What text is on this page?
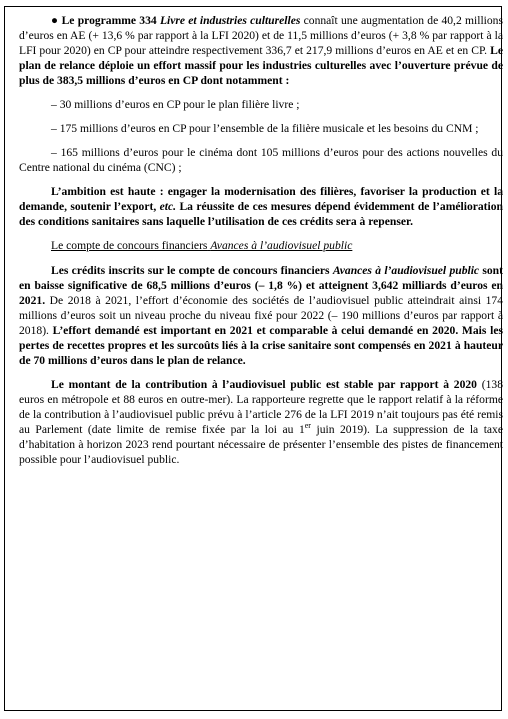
● Le programme 334 Livre et industries culturelles connaît une augmentation de 40,2 millions d’euros en AE (+ 13,6 % par rapport à la LFI 2020) et de 11,5 millions d’euros (+ 3,8 % par rapport à la LFI pour 2020) en CP pour atteindre respectivement 336,7 et 217,9 millions d’euros en AE et en CP. Le plan de relance déploie un effort massif pour les industries culturelles avec l’ouverture prévue de plus de 383,5 millions d’euros en CP dont notamment :

– 30 millions d’euros en CP pour le plan filière livre ;

– 175 millions d’euros en CP pour l’ensemble de la filière musicale et les besoins du CNM ;

– 165 millions d’euros pour le cinéma dont 105 millions d’euros pour des actions nouvelles du Centre national du cinéma (CNC) ;

L’ambition est haute : engager la modernisation des filières, favoriser la production et la demande, soutenir l’export, etc. La réussite de ces mesures dépend évidemment de l’amélioration des conditions sanitaires sans laquelle l’utilisation de ces crédits sera à repenser.

Le compte de concours financiers Avances à l’audiovisuel public

Les crédits inscrits sur le compte de concours financiers Avances à l’audiovisuel public sont en baisse significative de 68,5 millions d’euros (– 1,8 %) et atteignent 3,642 milliards d’euros en 2021. De 2018 à 2021, l’effort d’économie des sociétés de l’audiovisuel public atteindrait ainsi 174 millions d’euros soit un niveau proche du niveau fixé pour 2022 (– 190 millions d’euros par rapport à 2018). L’effort demandé est important en 2021 et comparable à celui demandé en 2020. Mais les pertes de recettes propres et les surcoûts liés à la crise sanitaire sont compensés en 2021 à hauteur de 70 millions d’euros dans le plan de relance.

Le montant de la contribution à l’audiovisuel public est stable par rapport à 2020 (138 euros en métropole et 88 euros en outre-mer). La rapporteure regrette que le rapport relatif à la réforme de la contribution à l’audiovisuel public prévu à l’article 276 de la LFI 2019 n’ait toujours pas été remis au Parlement (date limite de remise fixée par la loi au 1er juin 2019). La suppression de la taxe d’habitation à horizon 2023 rend pourtant nécessaire de présenter l’ensemble des pistes de financement possible pour l’audiovisuel public.
